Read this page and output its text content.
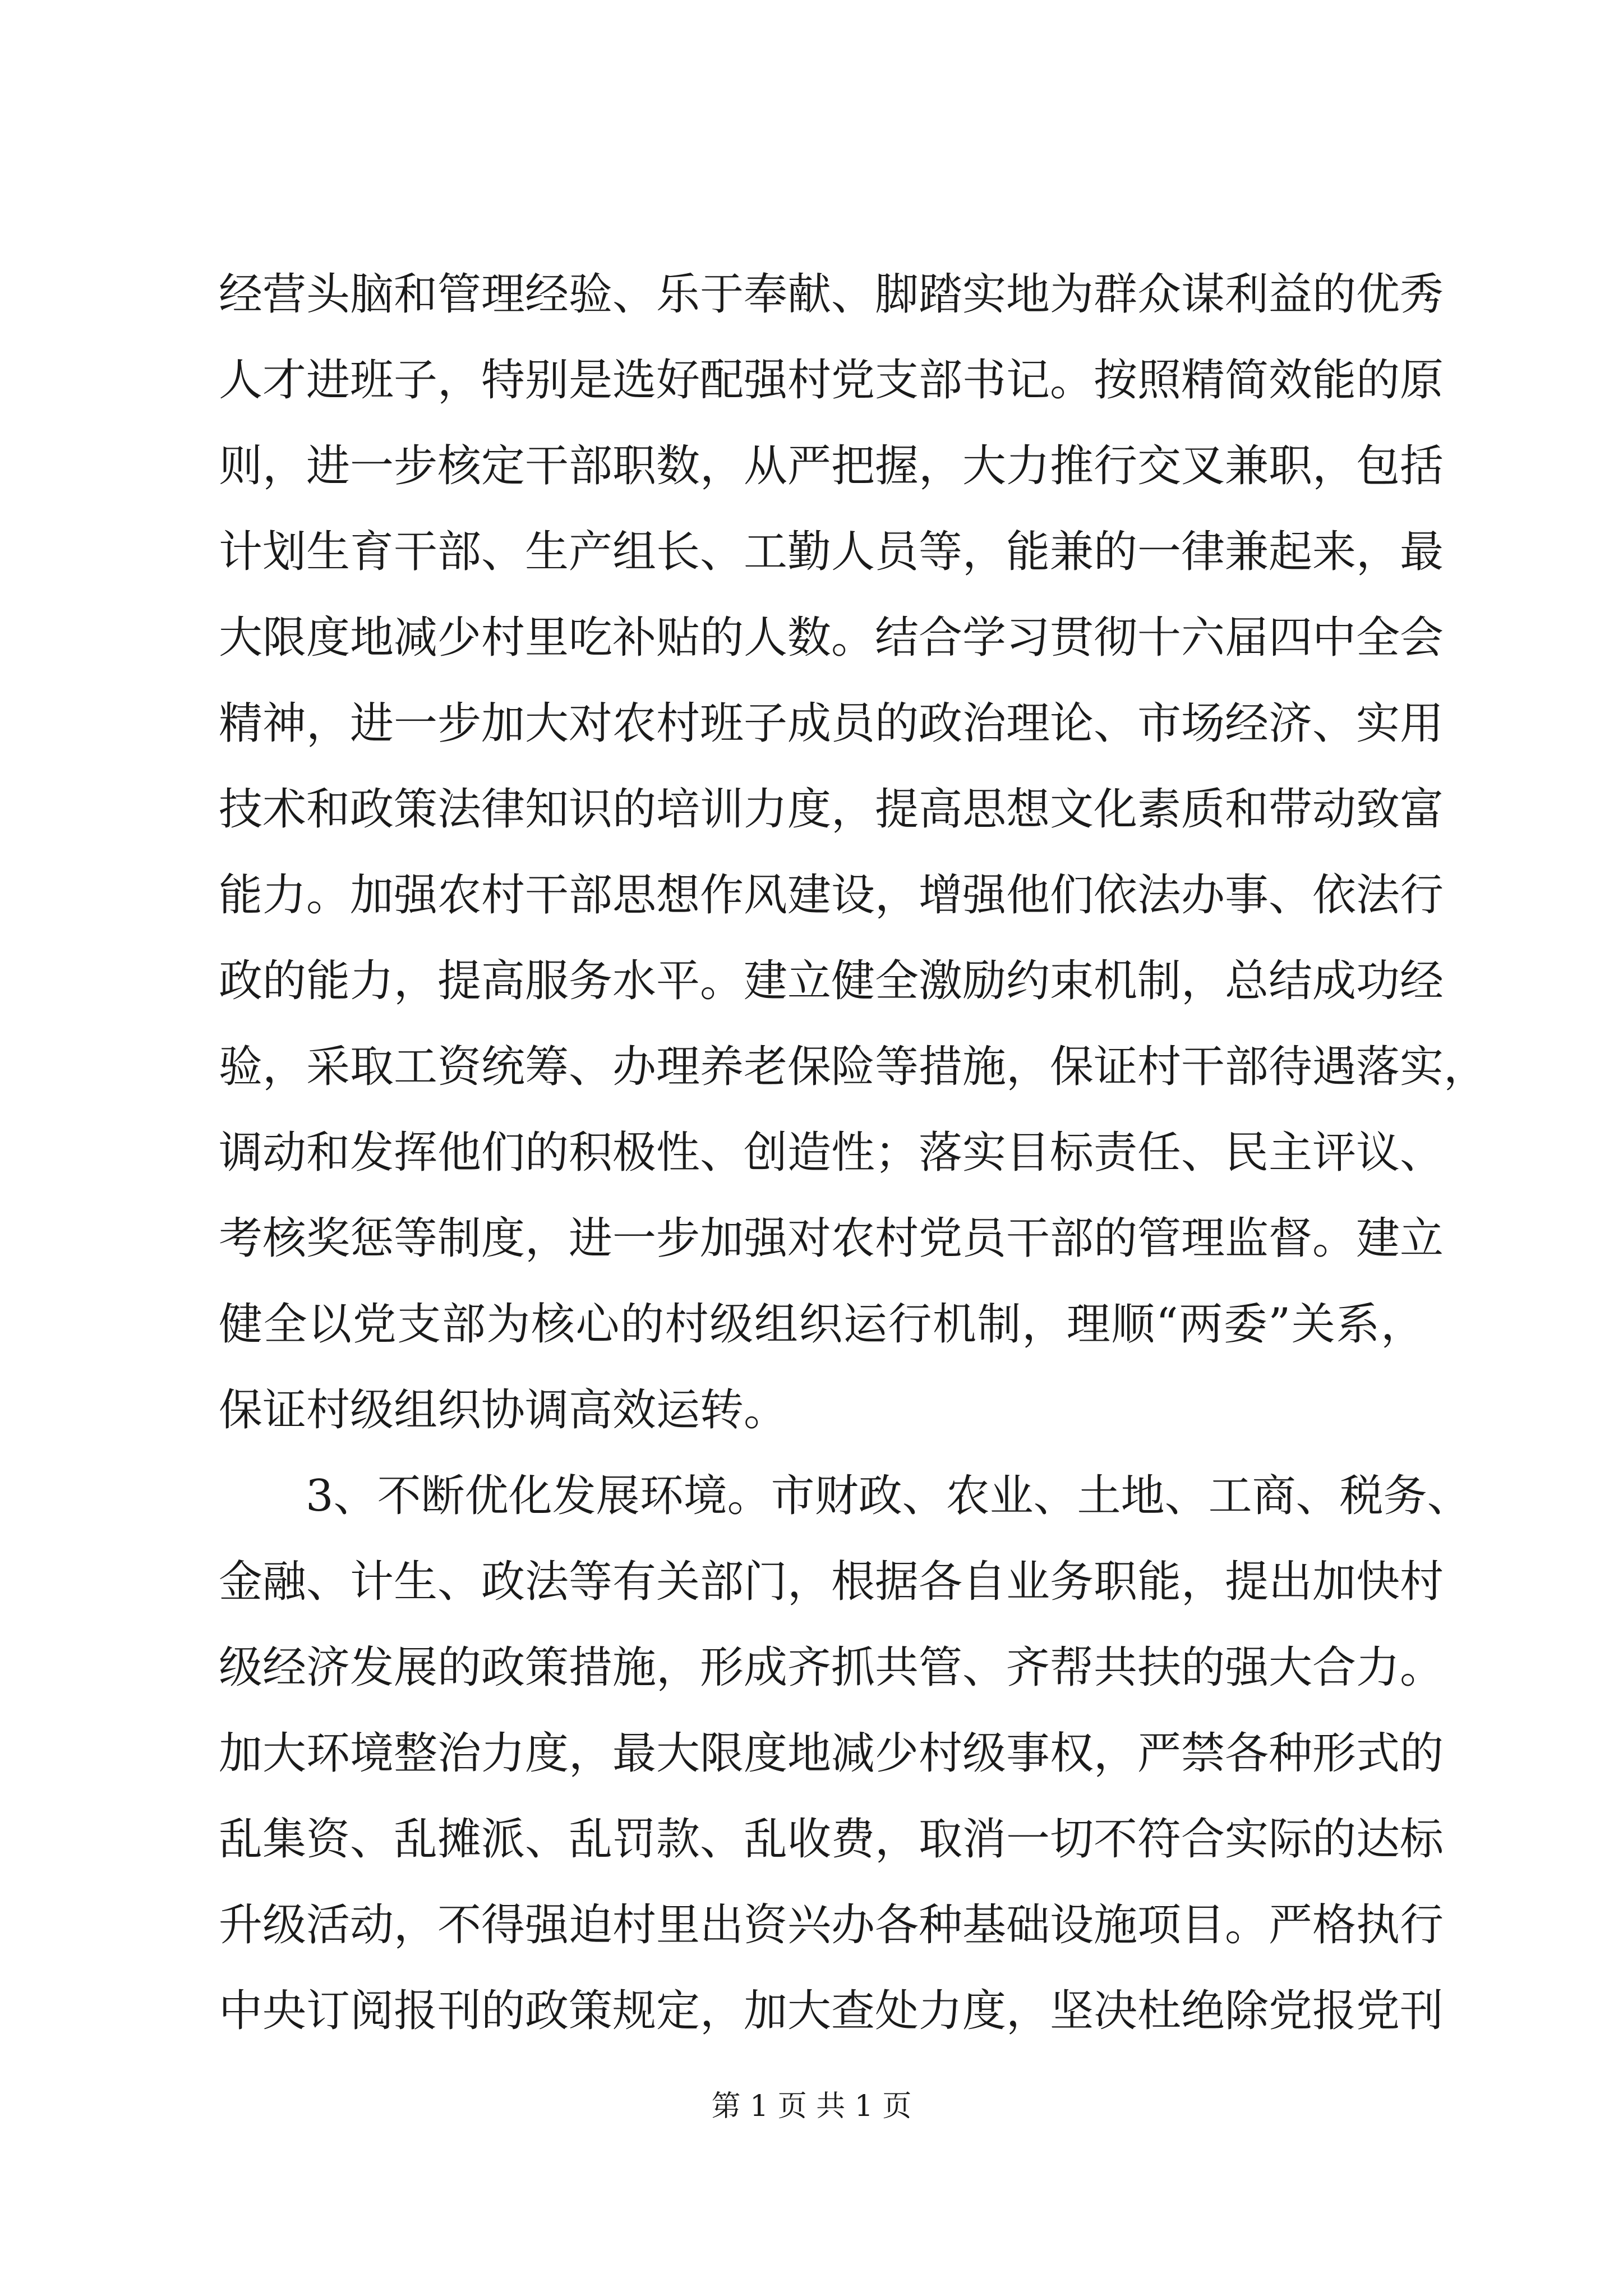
经营头脑和管理经验、乐于奉献、脚踏实地为群众谋利益的优秀
人才进班子，特别是选好配强村党支部书记。按照精简效能的原
则，进一步核定干部职数，从严把握，大力推行交叉兼职，包括
计划生育干部、生产组长、工勤人员等，能兼的一律兼起来，最
大限度地减少村里吃补贴的人数。结合学习贯彻十六届四中全会
精神，进一步加大对农村班子成员的政治理论、市场经济、实用
技术和政策法律知识的培训力度，提高思想文化素质和带动致富
能力。加强农村干部思想作风建设，增强他们依法办事、依法行
政的能力，提高服务水平。建立健全激励约束机制，总结成功经
验，采取工资统筹、办理养老保险等措施，保证村干部待遇落实，
调动和发挥他们的积极性、创造性；落实目标责任、民主评议、
考核奖惩等制度，进一步加强对农村党员干部的管理监督。建立
健全以党支部为核心的村级组织运行机制，理顺“两委”关系，
保证村级组织协调高效运转。
3、不断优化发展环境。市财政、农业、土地、工商、税务、
金融、计生、政法等有关部门，根据各自业务职能，提出加快村
级经济发展的政策措施，形成齐抓共管、齐帮共扶的强大合力。
加大环境整治力度，最大限度地减少村级事权，严禁各种形式的
乱集资、乱摊派、乱罚款、乱收费，取消一切不符合实际的达标
升级活动，不得强迫村里出资兴办各种基础设施项目。严格执行
中央订阅报刊的政策规定，加大查处力度，坚决杜绝除党报党刊
第 1 页 共 1 页
